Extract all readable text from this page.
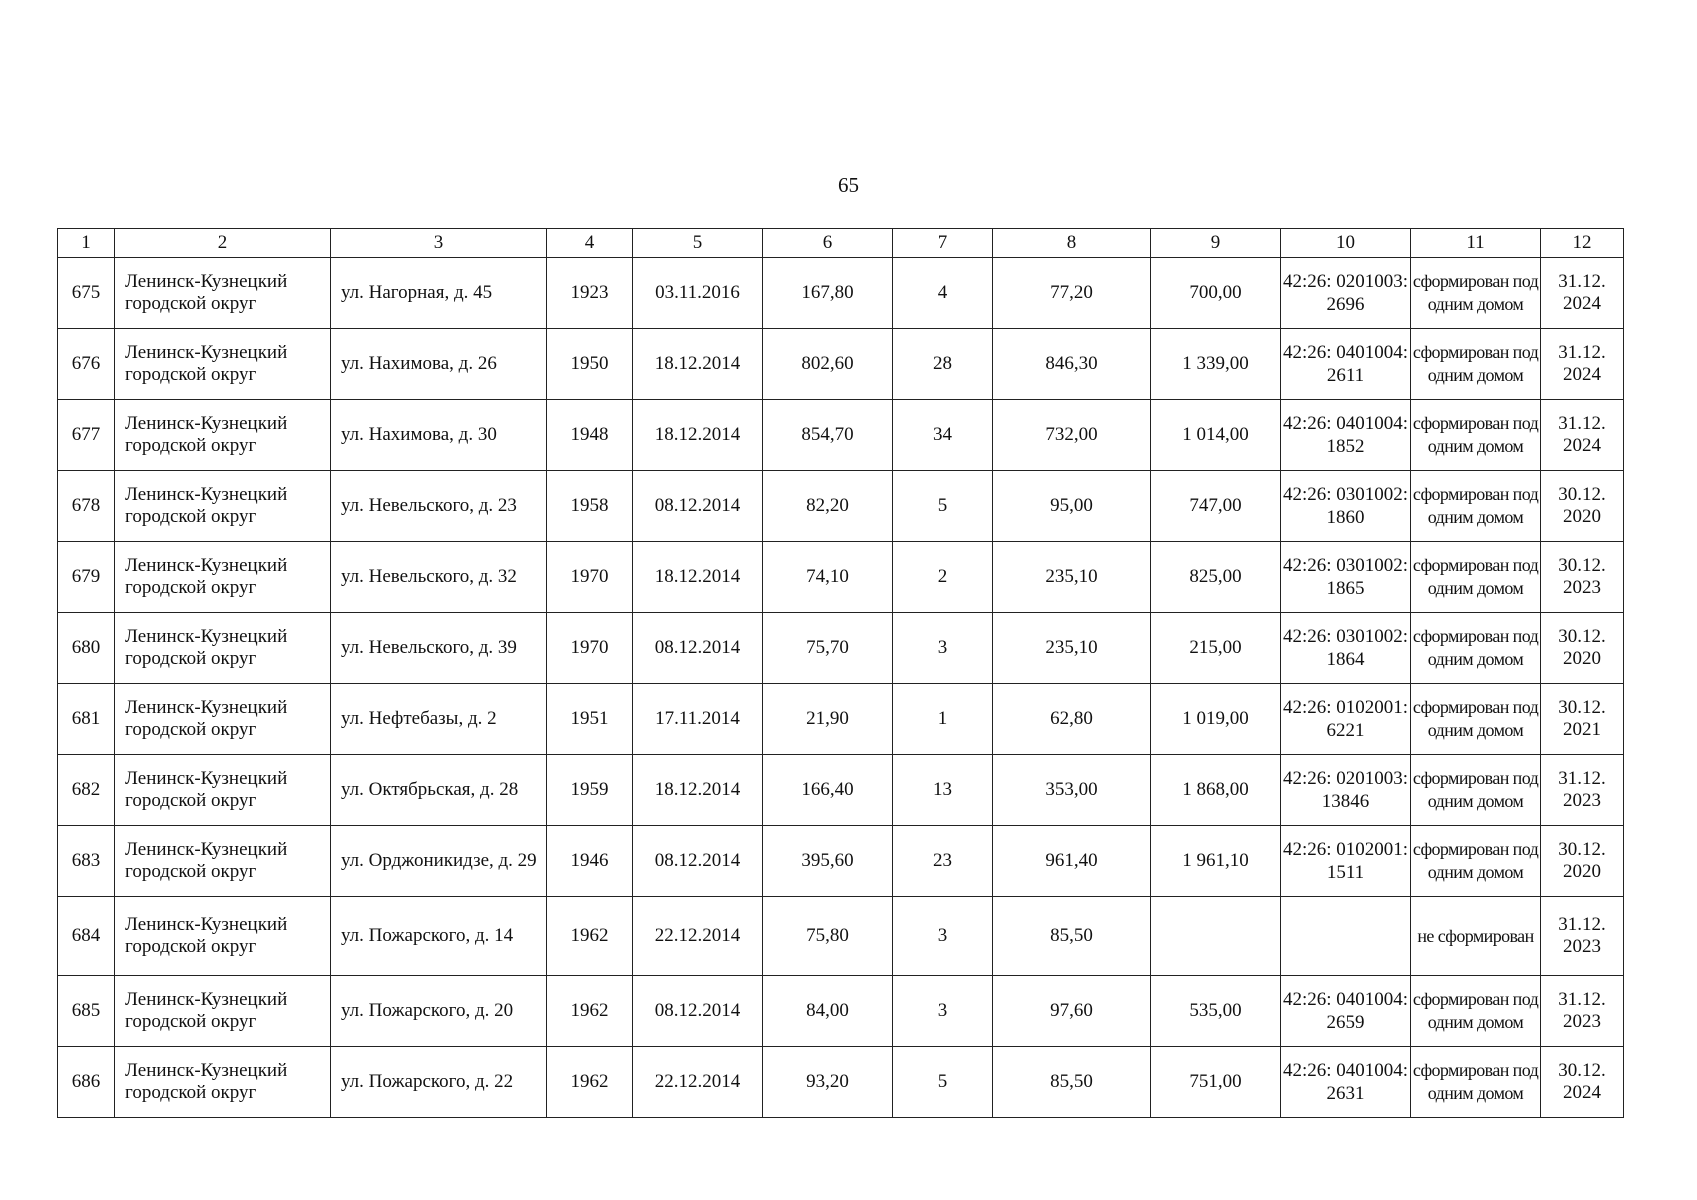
65
1	2	3	4	5	6	7	8	9	10	11	12
675	Ленинск-Кузнецкий городской округ	ул. Нагорная, д. 45	1923	03.11.2016	167,80	4	77,20	700,00	42:26: 0201003: 2696	сформирован под одним домом	31.12. 2024
676	Ленинск-Кузнецкий городской округ	ул. Нахимова, д. 26	1950	18.12.2014	802,60	28	846,30	1 339,00	42:26: 0401004: 2611	сформирован под одним домом	31.12. 2024
677	Ленинск-Кузнецкий городской округ	ул. Нахимова, д. 30	1948	18.12.2014	854,70	34	732,00	1 014,00	42:26: 0401004: 1852	сформирован под одним домом	31.12. 2024
678	Ленинск-Кузнецкий городской округ	ул. Невельского, д. 23	1958	08.12.2014	82,20	5	95,00	747,00	42:26: 0301002: 1860	сформирован под одним домом	30.12. 2020
679	Ленинск-Кузнецкий городской округ	ул. Невельского, д. 32	1970	18.12.2014	74,10	2	235,10	825,00	42:26: 0301002: 1865	сформирован под одним домом	30.12. 2023
680	Ленинск-Кузнецкий городской округ	ул. Невельского, д. 39	1970	08.12.2014	75,70	3	235,10	215,00	42:26: 0301002: 1864	сформирован под одним домом	30.12. 2020
681	Ленинск-Кузнецкий городской округ	ул. Нефтебазы, д. 2	1951	17.11.2014	21,90	1	62,80	1 019,00	42:26: 0102001: 6221	сформирован под одним домом	30.12. 2021
682	Ленинск-Кузнецкий городской округ	ул. Октябрьская, д. 28	1959	18.12.2014	166,40	13	353,00	1 868,00	42:26: 0201003: 13846	сформирован под одним домом	31.12. 2023
683	Ленинск-Кузнецкий городской округ	ул. Орджоникидзе, д. 29	1946	08.12.2014	395,60	23	961,40	1 961,10	42:26: 0102001: 1511	сформирован под одним домом	30.12. 2020
684	Ленинск-Кузнецкий городской округ	ул. Пожарского, д. 14	1962	22.12.2014	75,80	3	85,50			не сформирован	31.12. 2023
685	Ленинск-Кузнецкий городской округ	ул. Пожарского, д. 20	1962	08.12.2014	84,00	3	97,60	535,00	42:26: 0401004: 2659	сформирован под одним домом	31.12. 2023
686	Ленинск-Кузнецкий городской округ	ул. Пожарского, д. 22	1962	22.12.2014	93,20	5	85,50	751,00	42:26: 0401004: 2631	сформирован под одним домом	30.12. 2024
